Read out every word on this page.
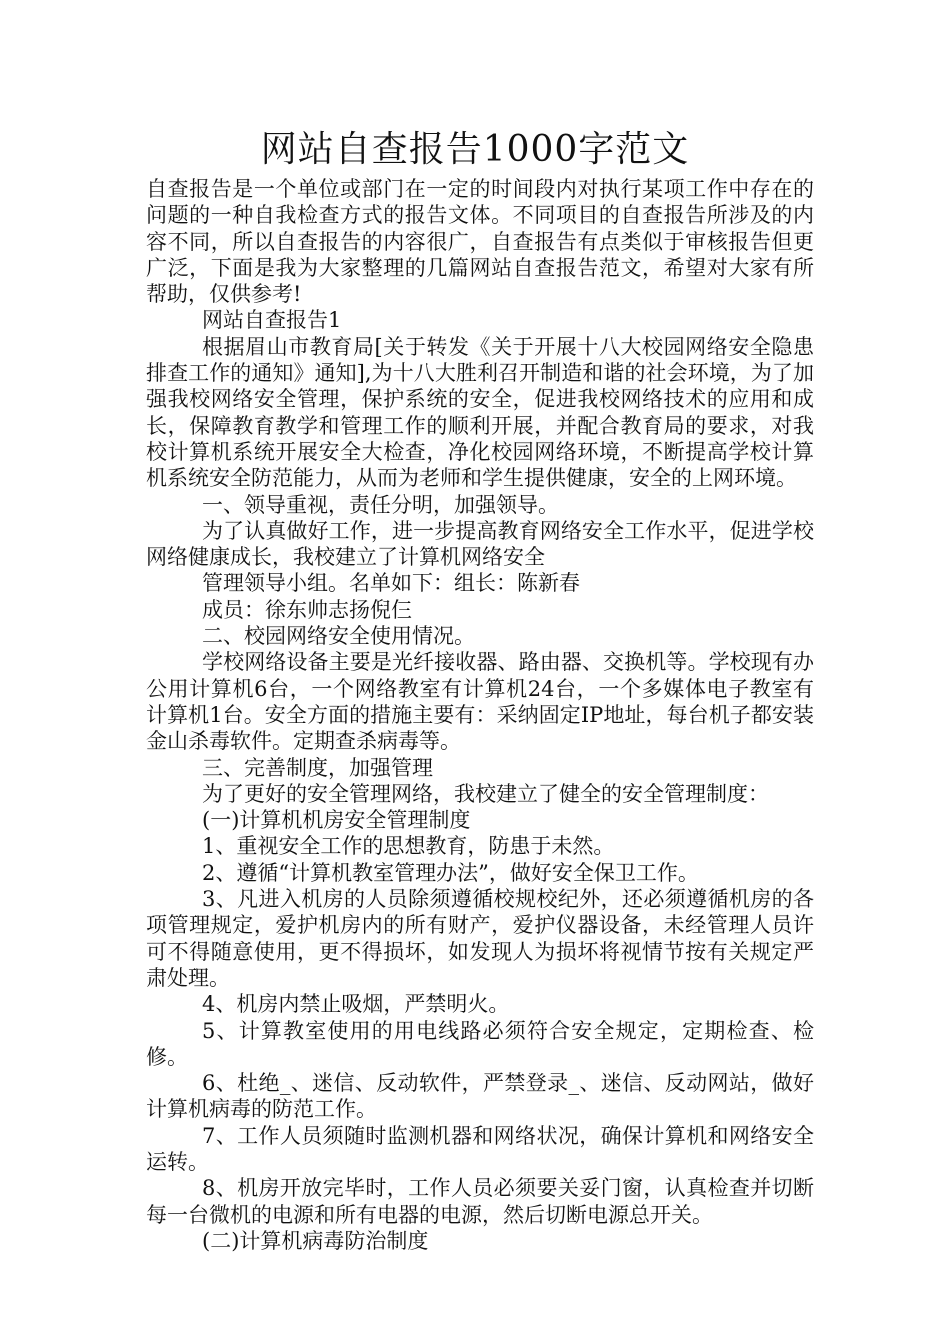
网站自查报告1000字范文

自查报告是一个单位或部门在一定的时间段内对执行某项工作中存在的问题的一种自我检查方式的报告文体。不同项目的自查报告所涉及的内容不同，所以自查报告的内容很广，自查报告有点类似于审核报告但更广泛，下面是我为大家整理的几篇网站自查报告范文，希望对大家有所帮助，仅供参考!

网站自查报告1

根据眉山市教育局[关于转发《关于开展十八大校园网络安全隐患排查工作的通知》通知],为十八大胜利召开制造和谐的社会环境，为了加强我校网络安全管理，保护系统的安全，促进我校网络技术的应用和成长，保障教育教学和管理工作的顺利开展，并配合教育局的要求，对我校计算机系统开展安全大检查，净化校园网络环境，不断提高学校计算机系统安全防范能力，从而为老师和学生提供健康，安全的上网环境。

一、领导重视，责任分明，加强领导。

为了认真做好工作，进一步提高教育网络安全工作水平，促进学校网络健康成长，我校建立了计算机网络安全

管理领导小组。名单如下：组长：陈新春

成员：徐东帅志扬倪仨

二、校园网络安全使用情况。

学校网络设备主要是光纤接收器、路由器、交换机等。学校现有办公用计算机6台，一个网络教室有计算机24台，一个多媒体电子教室有计算机1台。安全方面的措施主要有：采纳固定IP地址，每台机子都安装金山杀毒软件。定期查杀病毒等。

三、完善制度，加强管理

为了更好的安全管理网络，我校建立了健全的安全管理制度：

(一)计算机机房安全管理制度

1、重视安全工作的思想教育，防患于未然。

2、遵循“计算机教室管理办法”，做好安全保卫工作。

3、凡进入机房的人员除须遵循校规校纪外，还必须遵循机房的各项管理规定，爱护机房内的所有财产，爱护仪器设备，未经管理人员许可不得随意使用，更不得损坏，如发现人为损坏将视情节按有关规定严肃处理。

4、机房内禁止吸烟，严禁明火。

5、计算教室使用的用电线路必须符合安全规定，定期检查、检修。

6、杜绝_、迷信、反动软件，严禁登录_、迷信、反动网站，做好计算机病毒的防范工作。

7、工作人员须随时监测机器和网络状况，确保计算机和网络安全运转。

8、机房开放完毕时，工作人员必须要关妥门窗，认真检查并切断每一台微机的电源和所有电器的电源，然后切断电源总开关。

(二)计算机病毒防治制度
